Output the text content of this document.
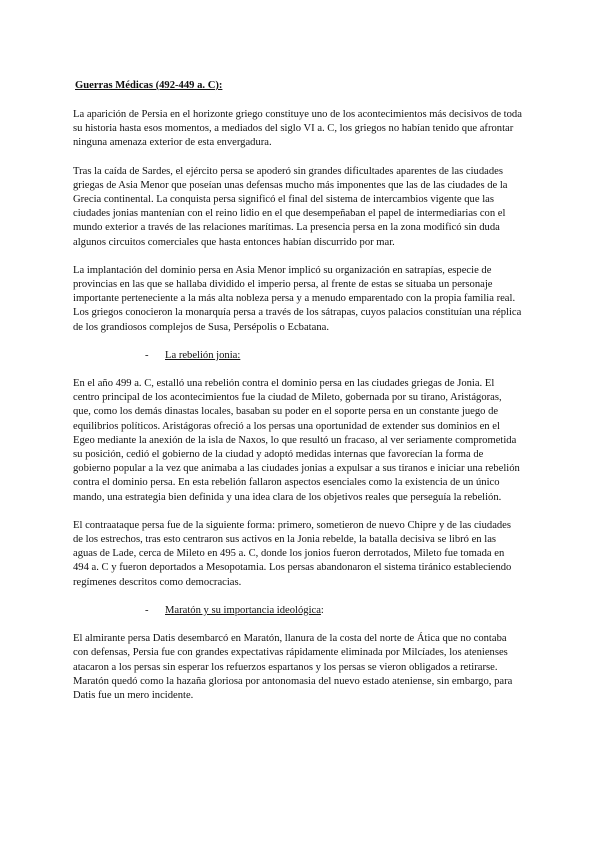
Guerras Médicas (492-449 a. C):

La aparición de Persia en el horizonte griego constituye uno de los acontecimientos más decisivos de toda su historia hasta esos momentos, a mediados del siglo VI a. C, los griegos no habían tenido que afrontar ninguna amenaza exterior de esta envergadura.

Tras la caída de Sardes, el ejército persa se apoderó sin grandes dificultades aparentes de las ciudades griegas de Asia Menor que poseían unas defensas mucho más imponentes que las de las ciudades de la Grecia continental. La conquista persa significó el final del sistema de intercambios vigente que las ciudades jonias mantenían con el reino lidio en el que desempeñaban el papel de intermediarias con el mundo exterior a través de las relaciones marítimas. La presencia persa en la zona modificó sin duda algunos circuitos comerciales que hasta entonces habían discurrido por mar.

La implantación del dominio persa en Asia Menor implicó su organización en satrapías, especie de provincias en las que se hallaba dividido el imperio persa, al frente de estas se situaba un personaje importante perteneciente a la más alta nobleza persa y a menudo emparentado con la propia familia real. Los griegos conocieron la monarquía persa a través de los sátrapas, cuyos palacios constituían una réplica de los grandiosos complejos de Susa, Persépolis o Ecbatana.

- La rebelión jonia:

En el año 499 a. C, estalló una rebelión contra el dominio persa en las ciudades griegas de Jonia. El centro principal de los acontecimientos fue la ciudad de Mileto, gobernada por su tirano, Aristágoras, que, como los demás dinastas locales, basaban su poder en el soporte persa en un constante juego de equilibrios políticos. Aristágoras ofreció a los persas una oportunidad de extender sus dominios en el Egeo mediante la anexión de la isla de Naxos, lo que resultó un fracaso, al ver seriamente comprometida su posición, cedió el gobierno de la ciudad y adoptó medidas internas que favorecían la forma de gobierno popular a la vez que animaba a las ciudades jonias a expulsar a sus tiranos e iniciar una rebelión contra el dominio persa. En esta rebelión fallaron aspectos esenciales como la existencia de un único mando, una estrategia bien definida y una idea clara de los objetivos reales que perseguía la rebelión.

El contraataque persa fue de la siguiente forma: primero, sometieron de nuevo Chipre y de las ciudades de los estrechos, tras esto centraron sus activos en la Jonia rebelde, la batalla decisiva se libró en las aguas de Lade, cerca de Mileto en 495 a. C, donde los jonios fueron derrotados, Mileto fue tomada en 494 a. C y fueron deportados a Mesopotamia. Los persas abandonaron el sistema tiránico estableciendo regímenes descritos como democracias.

- Maratón y su importancia ideológica:

El almirante persa Datis desembarcó en Maratón, llanura de la costa del norte de Ática que no contaba con defensas, Persia fue con grandes expectativas rápidamente eliminada por Milcíades, los atenienses atacaron a los persas sin esperar los refuerzos espartanos y los persas se vieron obligados a retirarse. Maratón quedó como la hazaña gloriosa por antonomasia del nuevo estado ateniense, sin embargo, para Datis fue un mero incidente.
